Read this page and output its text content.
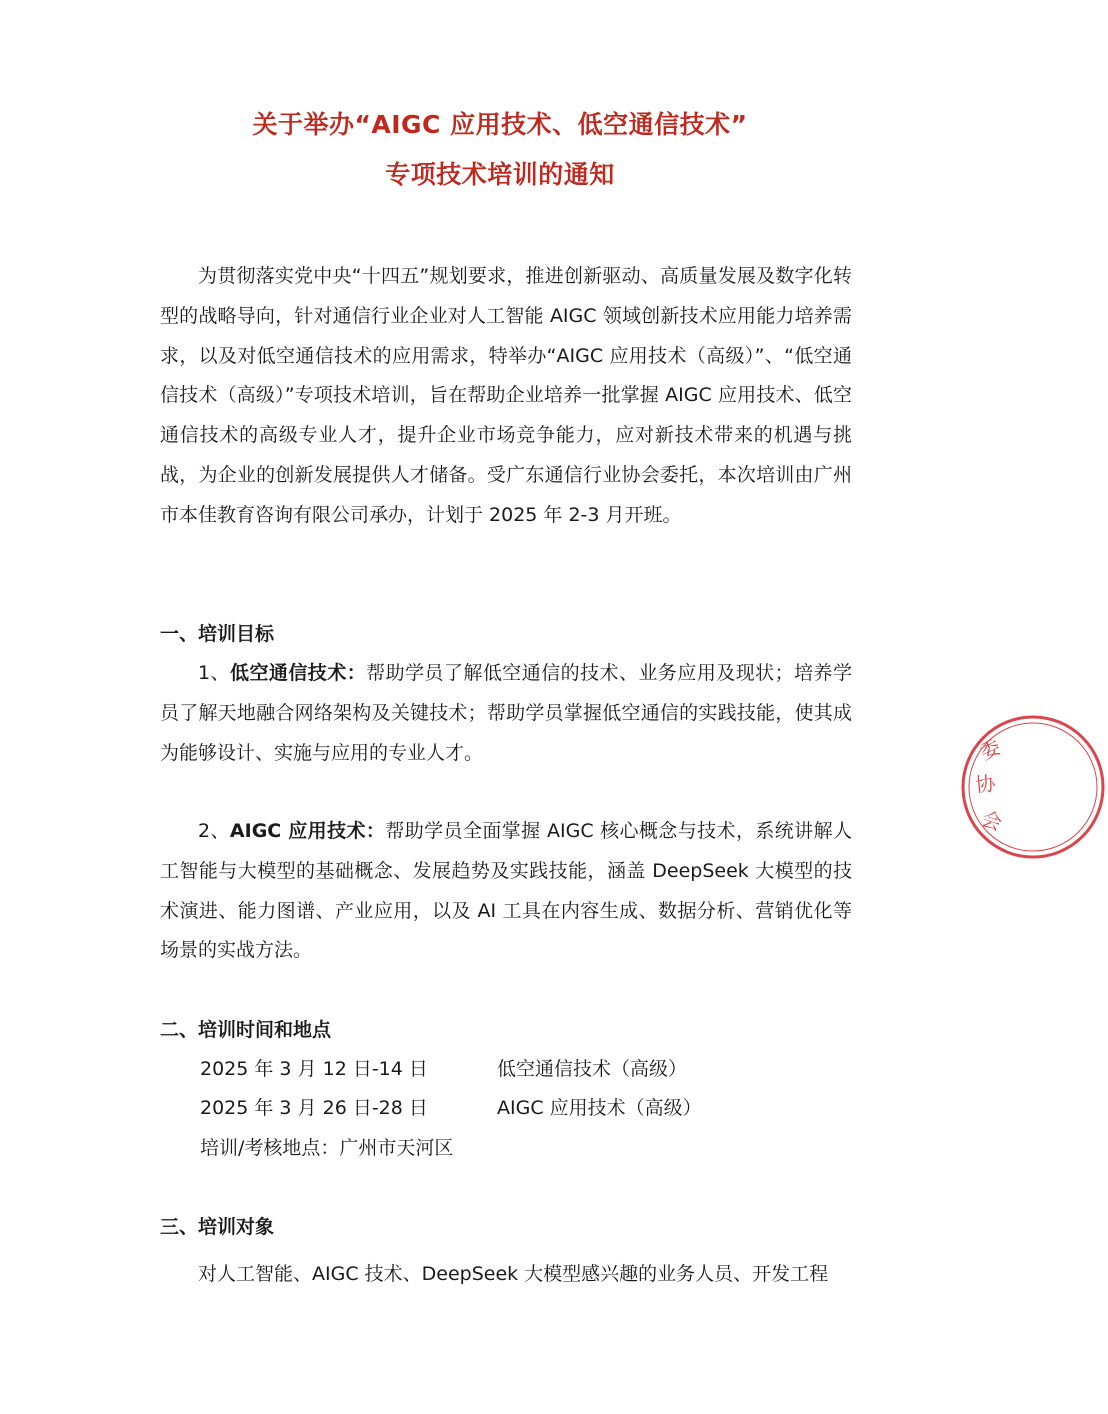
关于举办“AIGC 应用技术、低空通信技术”
专项技术培训的通知

为贯彻落实党中央“十四五”规划要求，推进创新驱动、高质量发展及数字化转型的战略导向，针对通信行业企业对人工智能 AIGC 领域创新技术应用能力培养需求，以及对低空通信技术的应用需求，特举办“AIGC 应用技术（高级）”、“低空通信技术（高级）”专项技术培训，旨在帮助企业培养一批掌握 AIGC 应用技术、低空通信技术的高级专业人才，提升企业市场竞争能力，应对新技术带来的机遇与挑战，为企业的创新发展提供人才储备。受广东通信行业协会委托，本次培训由广州市本佳教育咨询有限公司承办，计划于 2025 年 2-3 月开班。

一、培训目标

1、低空通信技术：帮助学员了解低空通信的技术、业务应用及现状；培养学员了解天地融合网络架构及关键技术；帮助学员掌握低空通信的实践技能，使其成为能够设计、实施与应用的专业人才。

2、AIGC 应用技术：帮助学员全面掌握 AIGC 核心概念与技术，系统讲解人工智能与大模型的基础概念、发展趋势及实践技能，涵盖 DeepSeek 大模型的技术演进、能力图谱、产业应用，以及 AI 工具在内容生成、数据分析、营销优化等场景的实战方法。

二、培训时间和地点
2025 年 3 月 12 日-14 日	低空通信技术（高级）
2025 年 3 月 26 日-28 日	AIGC 应用技术（高级）
培训/考核地点：广州市天河区
三、培训对象

对人工智能、AIGC 技术、DeepSeek 大模型感兴趣的业务人员、开发工程

委
协
会
